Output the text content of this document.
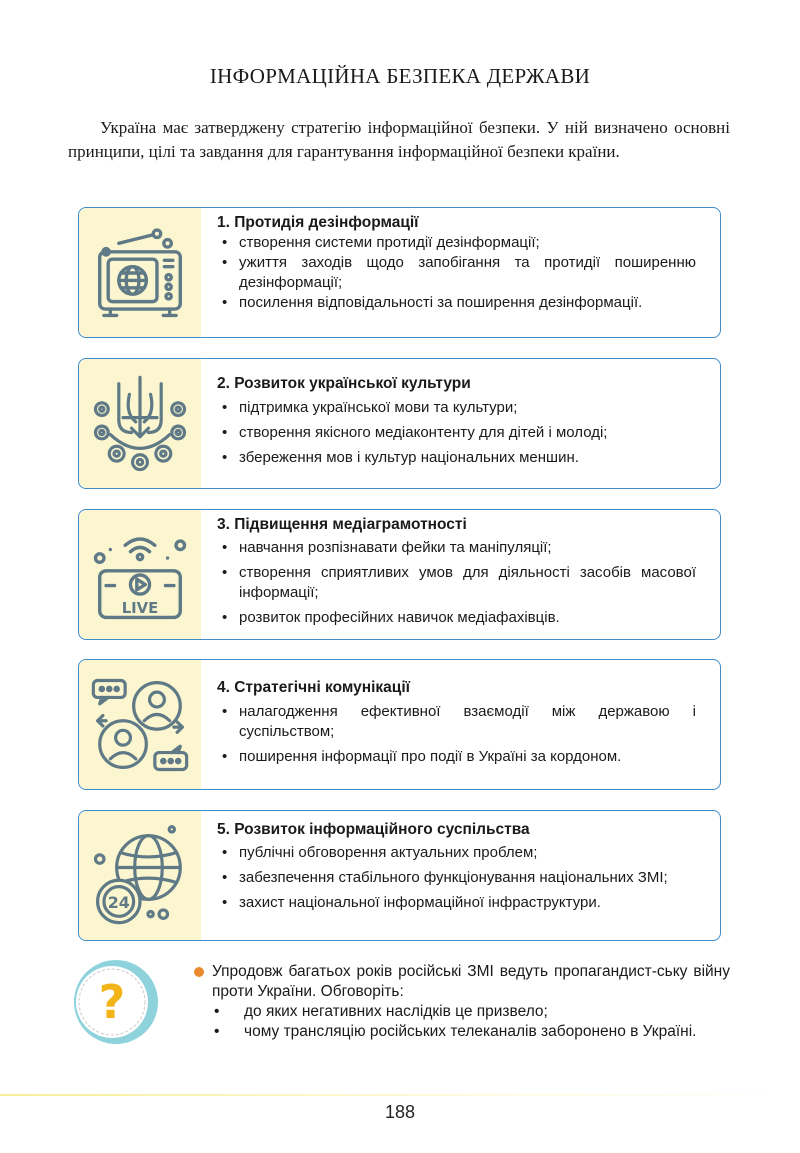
ІНФОРМАЦІЙНА БЕЗПЕКА ДЕРЖАВИ
Україна має затверджену стратегію інформаційної безпеки. У ній визначено основні принципи, цілі та завдання для гарантування інформаційної безпеки країни.
1. Протидія дезінформації
• створення системи протидії дезінформації;
• ужиття заходів щодо запобігання та протидії поширенню дезінформації;
• посилення відповідальності за поширення дезінформації.
2. Розвиток української культури
• підтримка української мови та культури;
• створення якісного медіаконтенту для дітей і молоді;
• збереження мов і культур національних меншин.
LIVE
3. Підвищення медіаграмотності
• навчання розпізнавати фейки та маніпуляції;
• створення сприятливих умов для діяльності засобів масової інформації;
• розвиток професійних навичок медіафахівців.
4. Стратегічні комунікації
• налагодження ефективної взаємодії між державою і суспільством;
• поширення інформації про події в Україні за кордоном.
24
5. Розвиток інформаційного суспільства
• публічні обговорення актуальних проблем;
• забезпечення стабільного функціонування національних ЗМІ;
• захист національної інформаційної інфраструктури.
?
Упродовж багатьох років російські ЗМІ ведуть пропагандист-ську війну проти України. Обговоріть:
• до яких негативних наслідків це призвело;
• чому трансляцію російських телеканалів заборонено в Україні.
188
